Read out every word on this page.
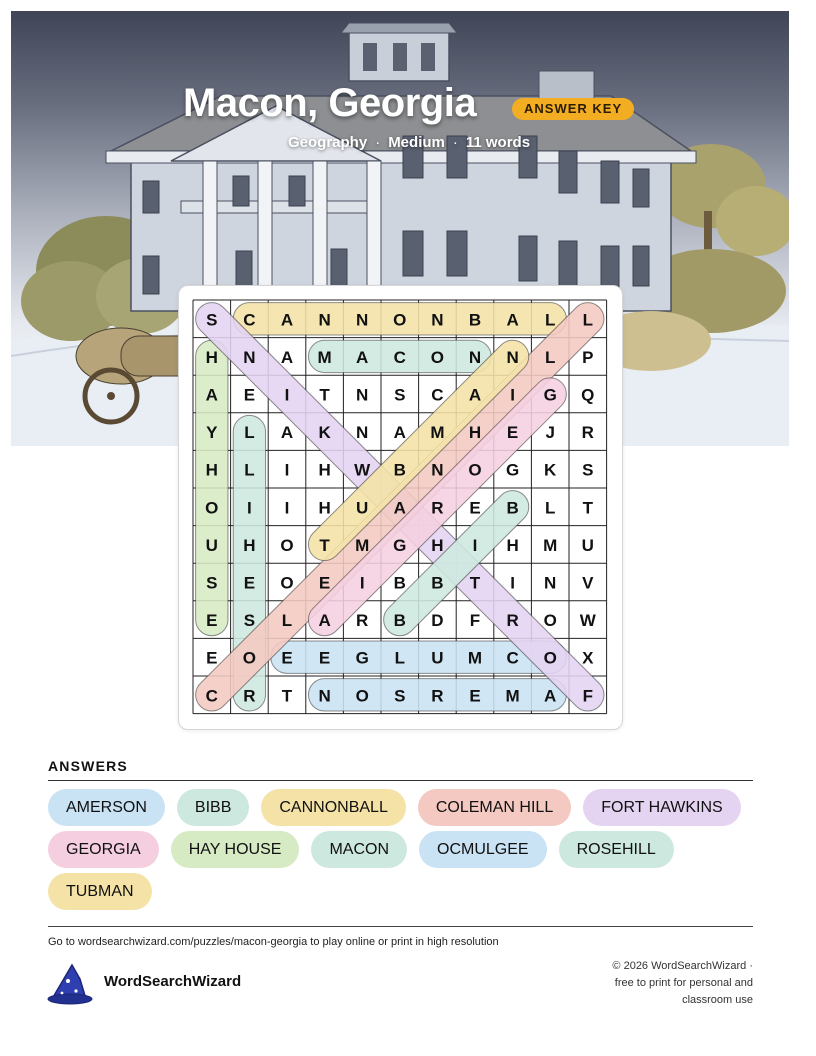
Macon, Georgia	ANSWER KEY
Geography · Medium · 11 words
S C A N N O N B A L L
H N A M A C O N N L P
A E I T N S C A I G Q
Y L A K N A M H E J R
H L I H W B N O G K S
O I I H U A R E B L T
U H O T M G H I H M U
S E O E I B B T I N V
E S L A R B D F R O W
E O E E G L U M C O X
C R T N O S R E M A F
ANSWERS
AMERSON	BIBB	CANNONBALL	COLEMAN HILL	FORT HAWKINS
GEORGIA	HAY HOUSE	MACON	OCMULGEE	ROSEHILL
TUBMAN
Go to wordsearchwizard.com/puzzles/macon-georgia to play online or print in high resolution
WordSearchWizard
© 2026 WordSearchWizard ·
free to print for personal and
classroom use
